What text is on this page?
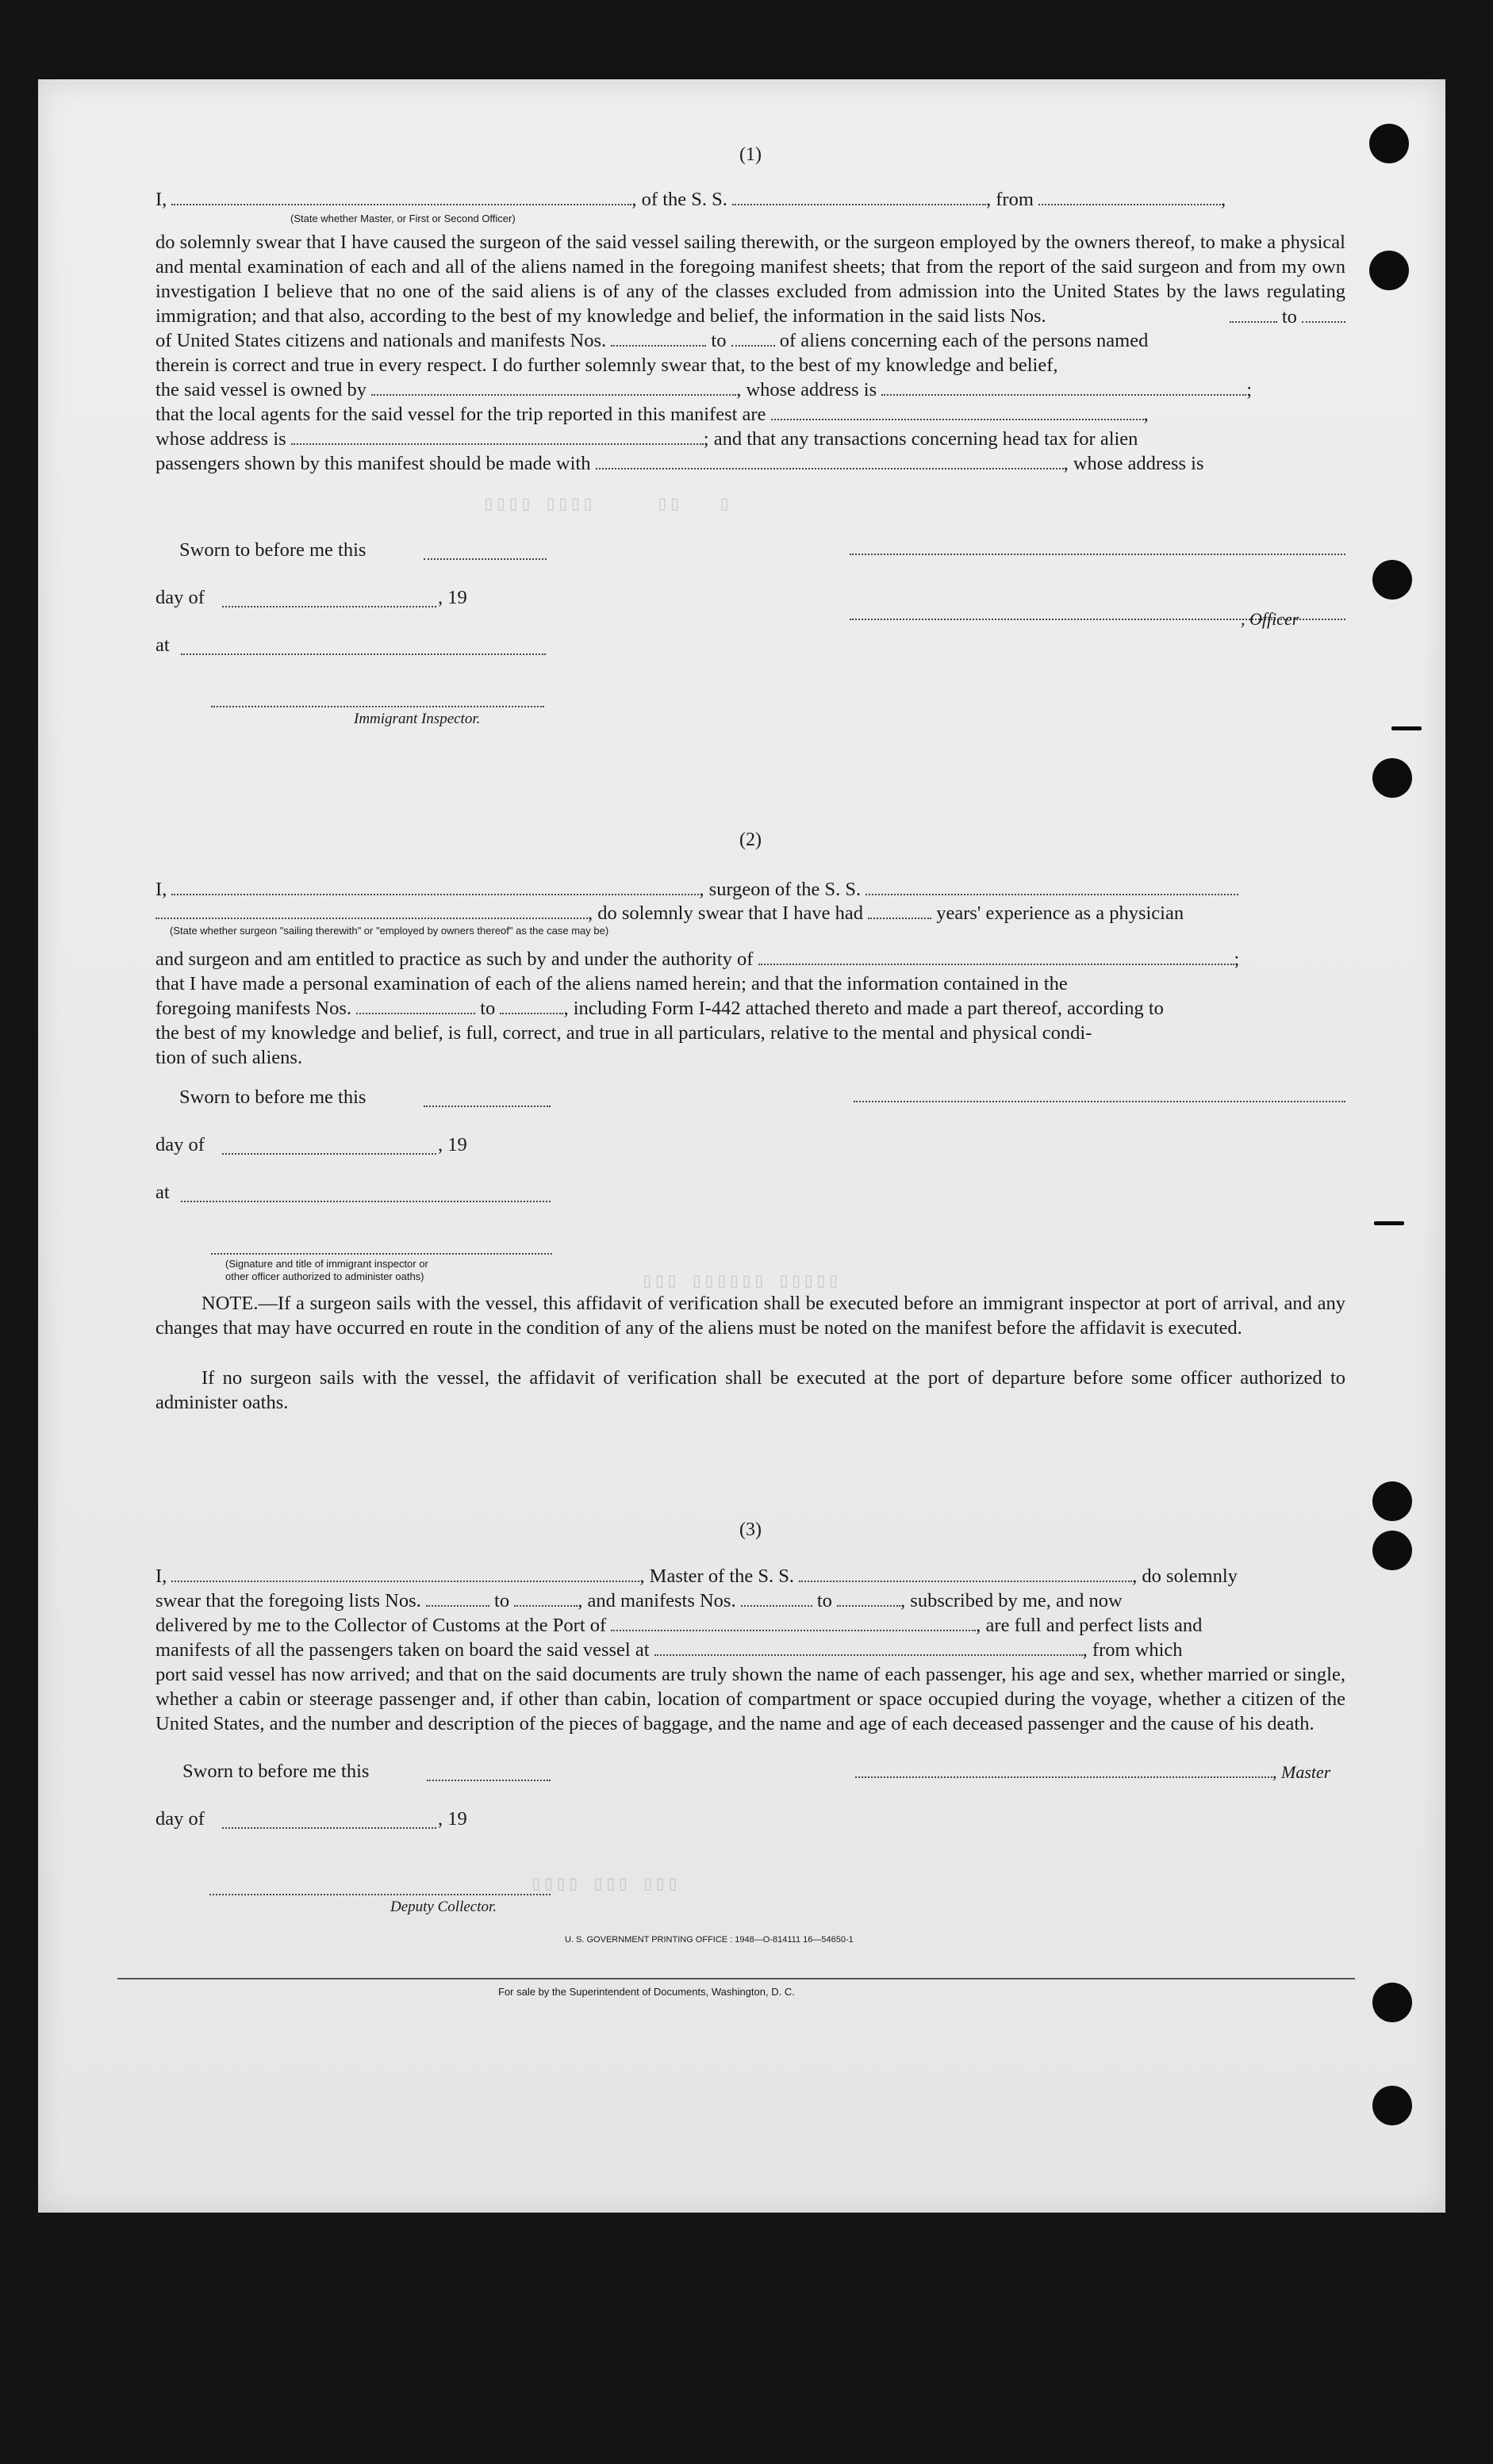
▯▯▯▯ ▯▯▯▯     ▯▯   ▯
▯▯▯ ▯▯▯▯▯▯ ▯▯▯▯▯
▯▯▯▯ ▯▯▯ ▯▯▯
(1)
I,	, of the S. S.	, from	,
(State whether Master, or First or Second Officer)
do solemnly swear that I have caused the surgeon of the said vessel sailing therewith, or the surgeon employed by the owners thereof, to make a physical and mental examination of each and all of the aliens named in the foregoing manifest sheets; that from the report of the said surgeon and from my own investigation I believe that no one of the said aliens is of any of the classes excluded from admission into the United States by the laws regulating immigration; and that also, according to the best of my knowledge and belief, the information in the said lists Nos.	to
of United States citizens and nationals and manifests Nos.	to	of aliens concerning each of the persons named
therein is correct and true in every respect. I do further solemnly swear that, to the best of my knowledge and belief,
the said vessel is owned by	, whose address is	;
that the local agents for the said vessel for the trip reported in this manifest are	,
whose address is	; and that any transactions concerning head tax for alien
passengers shown by this manifest should be made with	, whose address is
Sworn to before me this
day of	, 19
, Officer
at
Immigrant Inspector.
(2)
I,	, surgeon of the S. S.
, do solemnly swear that I have had	years' experience as a physician
(State whether surgeon "sailing therewith" or "employed by owners thereof" as the case may be)
and surgeon and am entitled to practice as such by and under the authority of	;
that I have made a personal examination of each of the aliens named herein; and that the information contained in the
foregoing manifests Nos.	to	, including Form I-442 attached thereto and made a part thereof, according to
the best of my knowledge and belief, is full, correct, and true in all particulars, relative to the mental and physical condi-
tion of such aliens.
Sworn to before me this
day of	, 19
at
(Signature and title of immigrant inspector or
other officer authorized to administer oaths)
NOTE.—If a surgeon sails with the vessel, this affidavit of verification shall be executed before an immigrant inspector at port of arrival, and any changes that may have occurred en route in the condition of any of the aliens must be noted on the manifest before the affidavit is executed.
If no surgeon sails with the vessel, the affidavit of verification shall be executed at the port of departure before some officer authorized to administer oaths.
(3)
I,	, Master of the S. S.	, do solemnly
swear that the foregoing lists Nos.	to	, and manifests Nos.	to	, subscribed by me, and now
delivered by me to the Collector of Customs at the Port of	, are full and perfect lists and
manifests of all the passengers taken on board the said vessel at	, from which
port said vessel has now arrived; and that on the said documents are truly shown the name of each passenger, his age and sex, whether married or single, whether a cabin or steerage passenger and, if other than cabin, location of compartment or space occupied during the voyage, whether a citizen of the United States, and the number and description of the pieces of baggage, and the name and age of each deceased passenger and the cause of his death.
Sworn to before me this	, Master
day of	, 19
Deputy Collector.
U. S. GOVERNMENT PRINTING OFFICE : 1948—O-814111 16—54650-1
For sale by the Superintendent of Documents, Washington, D. C.
